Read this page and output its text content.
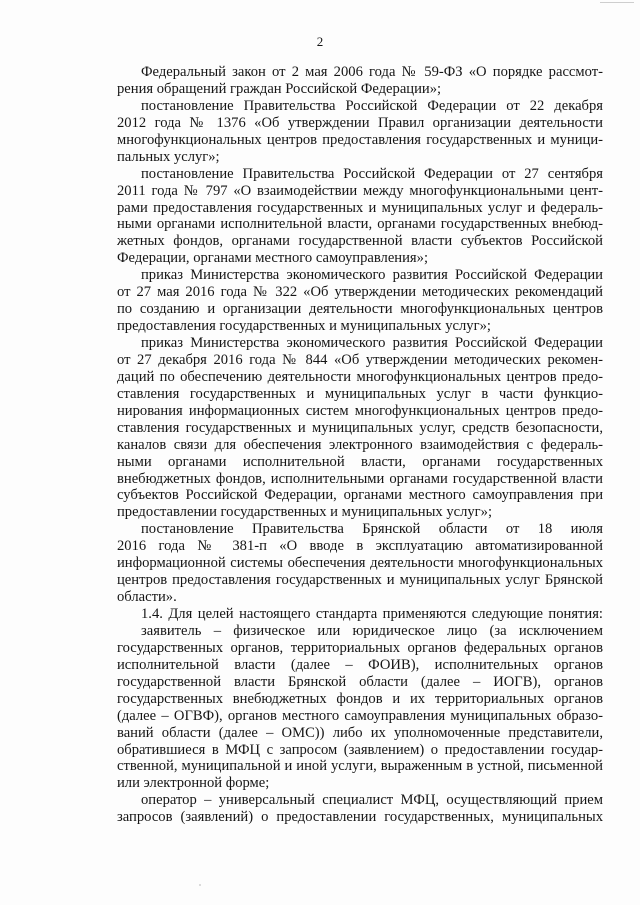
2
Федеральный закон от 2 мая 2006 года № 59-ФЗ «О порядке рассмот-
рения обращений граждан Российской Федерации»;
постановление Правительства Российской Федерации от 22 декабря
2012 года № 1376 «Об утверждении Правил организации деятельности
многофункциональных центров предоставления государственных и муници-
пальных услуг»;
постановление Правительства Российской Федерации от 27 сентября
2011 года № 797 «О взаимодействии между многофункциональными цент-
рами предоставления государственных и муниципальных услуг и федераль-
ными органами исполнительной власти, органами государственных внебюд-
жетных фондов, органами государственной власти субъектов Российской
Федерации, органами местного самоуправления»;
приказ Министерства экономического развития Российской Федерации
от 27 мая 2016 года № 322 «Об утверждении методических рекомендаций
по созданию и организации деятельности многофункциональных центров
предоставления государственных и муниципальных услуг»;
приказ Министерства экономического развития Российской Федерации
от 27 декабря 2016 года № 844 «Об утверждении методических рекомен-
даций по обеспечению деятельности многофункциональных центров предо-
ставления государственных и муниципальных услуг в части функцио-
нирования информационных систем многофункциональных центров предо-
ставления государственных и муниципальных услуг, средств безопасности,
каналов связи для обеспечения электронного взаимодействия с федераль-
ными органами исполнительной власти, органами государственных
внебюджетных фондов, исполнительными органами государственной власти
субъектов Российской Федерации, органами местного самоуправления при
предоставлении государственных и муниципальных услуг»;
постановление Правительства Брянской области от 18 июля
2016 года № 381-п «О вводе в эксплуатацию автоматизированной
информационной системы обеспечения деятельности многофункциональных
центров предоставления государственных и муниципальных услуг Брянской
области».
1.4. Для целей настоящего стандарта применяются следующие понятия:
заявитель – физическое или юридическое лицо (за исключением
государственных органов, территориальных органов федеральных органов
исполнительной власти (далее – ФОИВ), исполнительных органов
государственной власти Брянской области (далее – ИОГВ), органов
государственных внебюджетных фондов и их территориальных органов
(далее – ОГВФ), органов местного самоуправления муниципальных образо-
ваний области (далее – ОМС)) либо их уполномоченные представители,
обратившиеся в МФЦ с запросом (заявлением) о предоставлении государ-
ственной, муниципальной и иной услуги, выраженным в устной, письменной
или электронной форме;
оператор – универсальный специалист МФЦ, осуществляющий прием
запросов (заявлений) о предоставлении государственных, муниципальных
